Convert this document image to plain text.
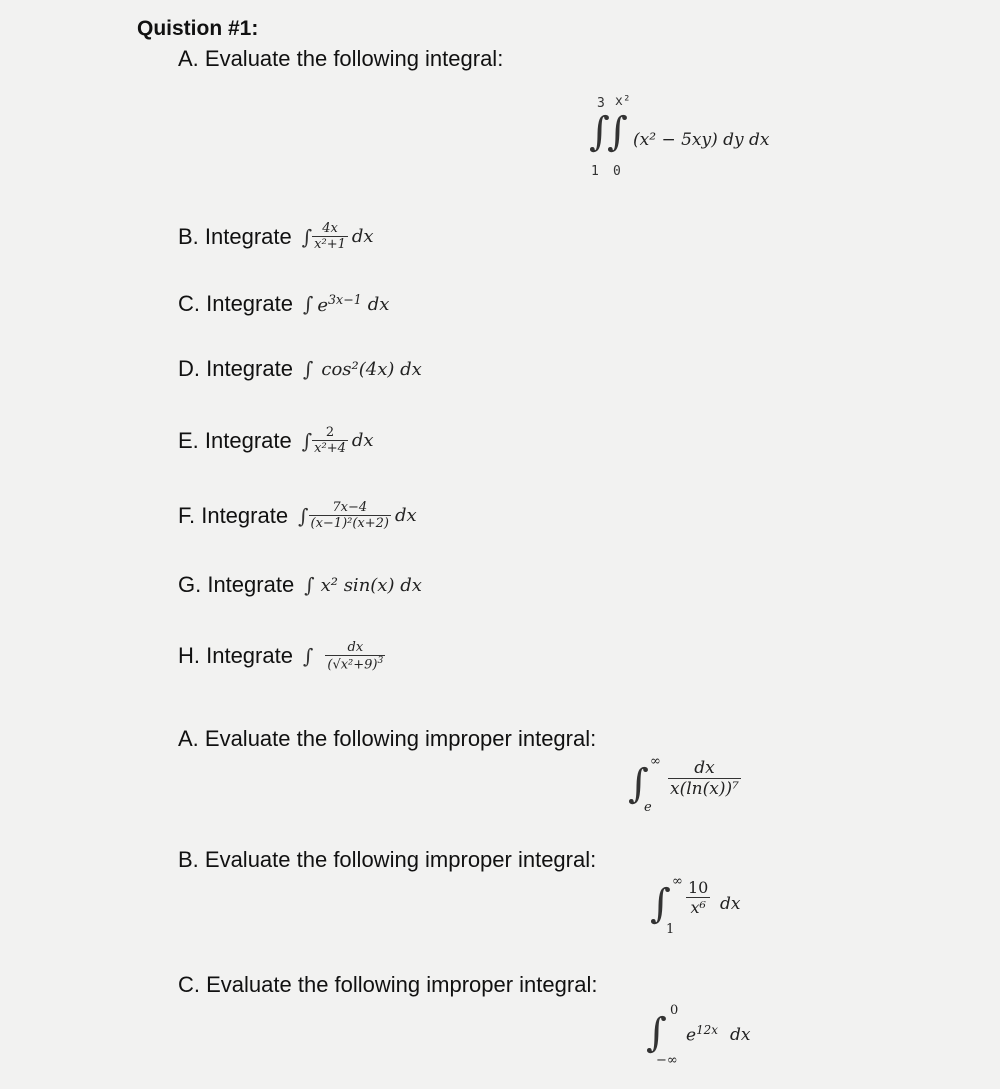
Quistion #1:
A. Evaluate the following integral:
3 x²
∫
∫
1 0
(x² − 5xy) dy dx
B. Integrate ∫ $\frac{4x}{\text{x²+1}}$ dx
C. Integrate ∫ $e^{3x-1}$ dx
D. Integrate ∫ cos²(4x) dx
E. Integrate ∫ $\frac{2}{\text{x²+4}}$ dx
F. Integrate ∫ $\frac{7x-4}{\text{(x−1)²(x+2)}}$ dx
G. Integrate ∫ x² sin(x) dx
H. Integrate ∫ $\frac{dx}{(√x^2+9)^3}$
A. Evaluate the following improper integral:
∞
∫
e
$\frac{dx}{\text{x(ln(x))⁷}}$
B. Evaluate the following improper integral:
∞
∫
1
$\frac{10}{\text{x⁶}}$ dx
C. Evaluate the following improper integral:
0
∫
−∞
$e^{12x}$ dx
